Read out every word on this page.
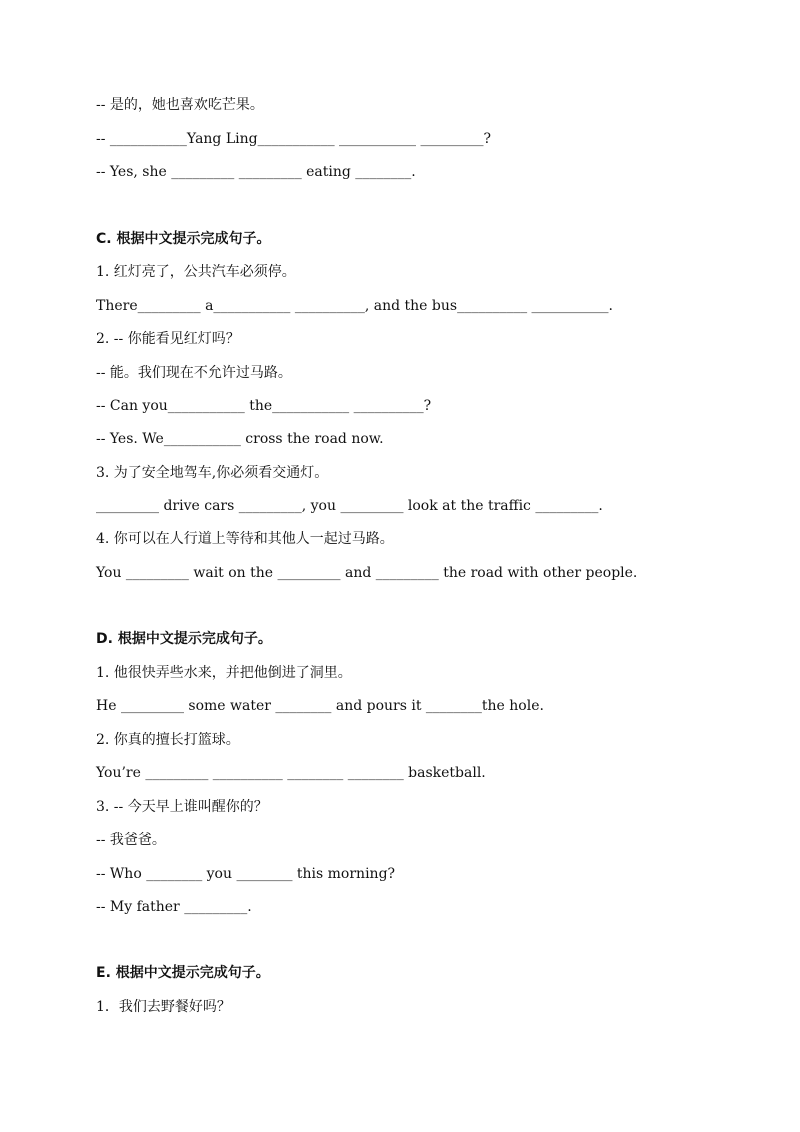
-- 是的，她也喜欢吃芒果。
-- ___________Yang Ling___________ ___________ _________?
-- Yes, she _________ _________ eating ________.
C. 根据中文提示完成句子。
1. 红灯亮了，公共汽车必须停。
There_________ a___________ __________, and the bus__________ ___________.
2. -- 你能看见红灯吗？
-- 能。我们现在不允许过马路。
-- Can you___________ the___________ __________?
-- Yes. We___________ cross the road now.
3. 为了安全地驾车,你必须看交通灯。
_________ drive cars _________, you _________ look at the traffic _________.
4. 你可以在人行道上等待和其他人一起过马路。
You _________ wait on the _________ and _________ the road with other people.
D. 根据中文提示完成句子。
1. 他很快弄些水来，并把他倒进了洞里。
He _________ some water ________ and pours it ________the hole.
2. 你真的擅长打篮球。
You’re _________ __________ ________ ________ basketball.
3. -- 今天早上谁叫醒你的？
-- 我爸爸。
-- Who ________ you ________ this morning?
-- My father _________.
E. 根据中文提示完成句子。
1．我们去野餐好吗？
